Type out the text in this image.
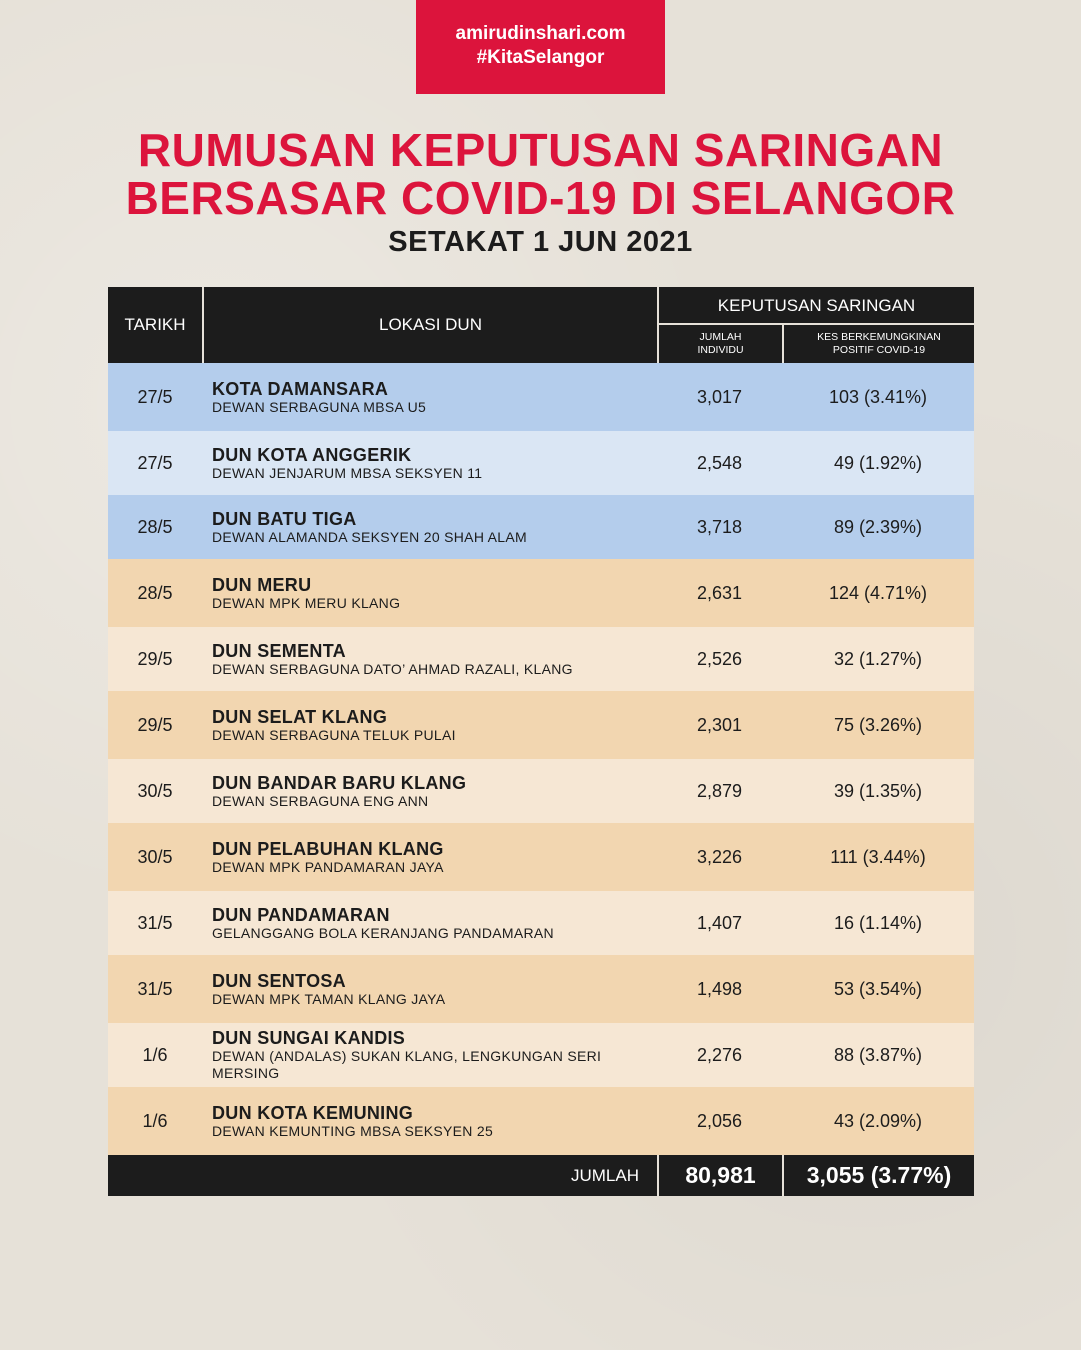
amirudinshari.com
#KitaSelangor
RUMUSAN KEPUTUSAN SARINGAN
BERSASAR COVID-19 DI SELANGOR
SETAKAT 1 JUN 2021
TARIKH	LOKASI DUN
KEPUTUSAN SARINGAN
JUMLAH
INDIVIDU
KES BERKEMUNGKINAN
POSITIF COVID-19
27/5	KOTA DAMANSARA
DEWAN SERBAGUNA MBSA U5	3,017	103 (3.41%)
27/5	DUN KOTA ANGGERIK
DEWAN JENJARUM MBSA SEKSYEN 11	2,548	49 (1.92%)
28/5	DUN BATU TIGA
DEWAN ALAMANDA SEKSYEN 20 SHAH ALAM	3,718	89 (2.39%)
28/5	DUN MERU
DEWAN MPK MERU KLANG	2,631	124 (4.71%)
29/5	DUN SEMENTA
DEWAN SERBAGUNA DATO’ AHMAD RAZALI, KLANG	2,526	32 (1.27%)
29/5	DUN SELAT KLANG
DEWAN SERBAGUNA TELUK PULAI	2,301	75 (3.26%)
30/5	DUN BANDAR BARU KLANG
DEWAN SERBAGUNA ENG ANN	2,879	39 (1.35%)
30/5	DUN PELABUHAN KLANG
DEWAN MPK PANDAMARAN JAYA	3,226	111 (3.44%)
31/5	DUN PANDAMARAN
GELANGGANG BOLA KERANJANG PANDAMARAN	1,407	16 (1.14%)
31/5	DUN SENTOSA
DEWAN MPK TAMAN KLANG JAYA	1,498	53 (3.54%)
1/6
DUN SUNGAI KANDIS
DEWAN (ANDALAS) SUKAN KLANG, LENGKUNGAN SERI MERSING
2,276	88 (3.87%)
1/6	DUN KOTA KEMUNING
DEWAN KEMUNTING MBSA SEKSYEN 25	2,056	43 (2.09%)
JUMLAH	80,981	3,055 (3.77%)
